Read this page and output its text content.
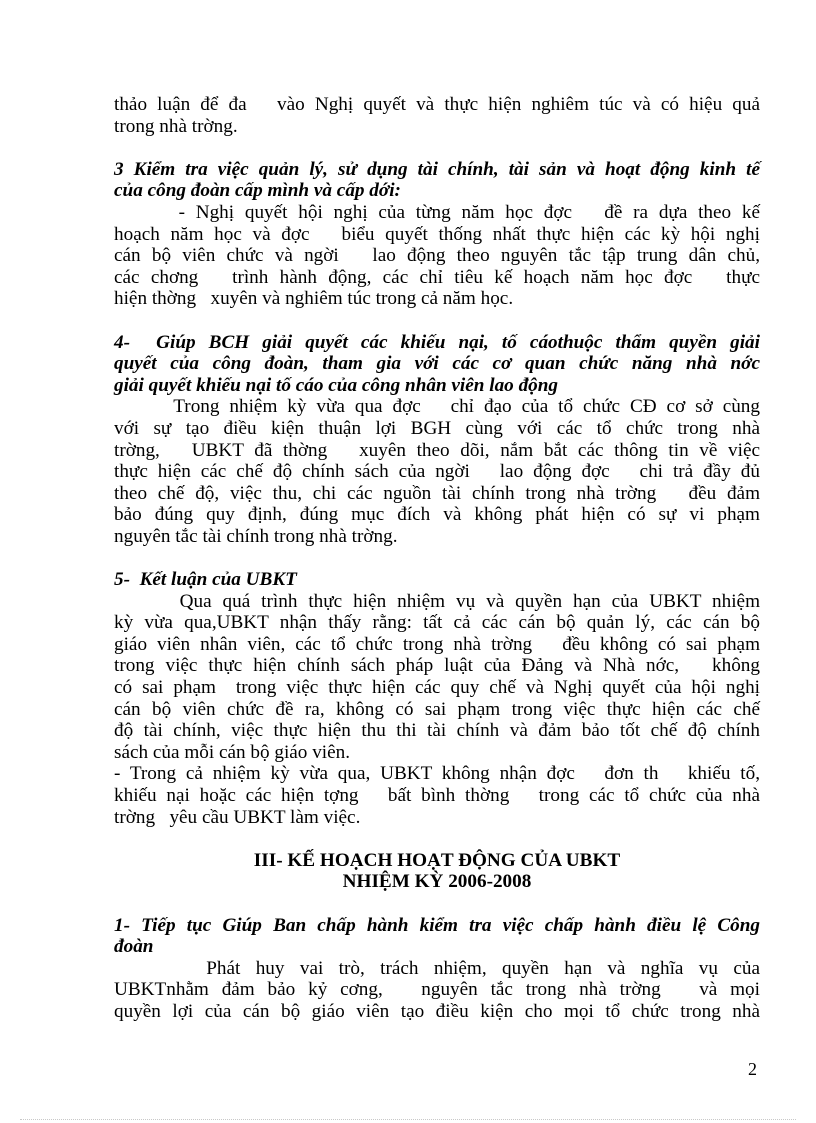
thảo luận để đa   vào Nghị quyết và thực hiện nghiêm túc và có hiệu quả
trong nhà trờng.
3 Kiểm tra việc quản lý, sử dụng tài chính, tài sản và hoạt động kinh tế
của công đoàn cấp mình và cấp dới:
- Nghị quyết hội nghị của từng năm học đợc   đề ra dựa theo kế
hoạch năm học và đợc   biểu quyết thống nhất thực hiện các kỳ hội nghị
cán bộ viên chức và ngời   lao động theo nguyên tắc tập trung dân chủ,
các chơng   trình hành động, các chỉ tiêu kế hoạch năm học đợc   thực
hiện thờng   xuyên và nghiêm túc trong cả năm học.
4-  Giúp BCH giải quyết các khiếu nại, tố cáothuộc thẩm quyền giải
quyết của công đoàn, tham gia với các cơ quan chức năng nhà nớc
giải quyết khiếu nại tố cáo của công nhân viên lao động
Trong nhiệm kỳ vừa qua đợc   chỉ đạo của tổ chức CĐ cơ sở cùng
với sự tạo điều kiện thuận lợi BGH cùng với các tổ chức trong nhà
trờng,   UBKT đã thờng   xuyên theo dõi, nắm bắt các thông tin về việc
thực hiện các chế độ chính sách của ngời   lao động đợc   chi trả đầy đủ
theo chế độ, việc thu, chi các nguồn tài chính trong nhà trờng   đều đảm
bảo đúng quy định, đúng mục đích và không phát hiện có sự vi phạm
nguyên tắc tài chính trong nhà trờng.
5-  Kết luận của UBKT
Qua quá trình thực hiện nhiệm vụ và quyền hạn của UBKT nhiệm
kỳ vừa qua,UBKT nhận thấy rằng: tất cả các cán bộ quản lý, các cán bộ
giáo viên nhân viên, các tổ chức trong nhà trờng   đều không có sai phạm
trong việc thực hiện chính sách pháp luật của Đảng và Nhà nớc,   không
có sai phạm  trong việc thực hiện các quy chế và Nghị quyết của hội nghị
cán bộ viên chức đề ra, không có sai phạm trong việc thực hiện các chế
độ tài chính, việc thực hiện thu thi tài chính và đảm bảo tốt chế độ chính
sách của mỗi cán bộ giáo viên.
- Trong cả nhiệm kỳ vừa qua, UBKT không nhận đợc   đơn th   khiếu tố,
khiếu nại hoặc các hiện tợng   bất bình thờng   trong các tổ chức của nhà
trờng   yêu cầu UBKT làm việc.
III- KẾ HOẠCH HOẠT ĐỘNG CỦA UBKT
NHIỆM KỲ 2006-2008
1- Tiếp tục Giúp Ban chấp hành kiểm tra việc chấp hành điều lệ Công
đoàn
Phát huy vai trò, trách nhiệm, quyền hạn và nghĩa vụ của
UBKTnhằm đảm bảo kỷ cơng,   nguyên tắc trong nhà trờng   và mọi
quyền lợi của cán bộ giáo viên tạo điều kiện cho mọi tổ chức trong nhà
2
